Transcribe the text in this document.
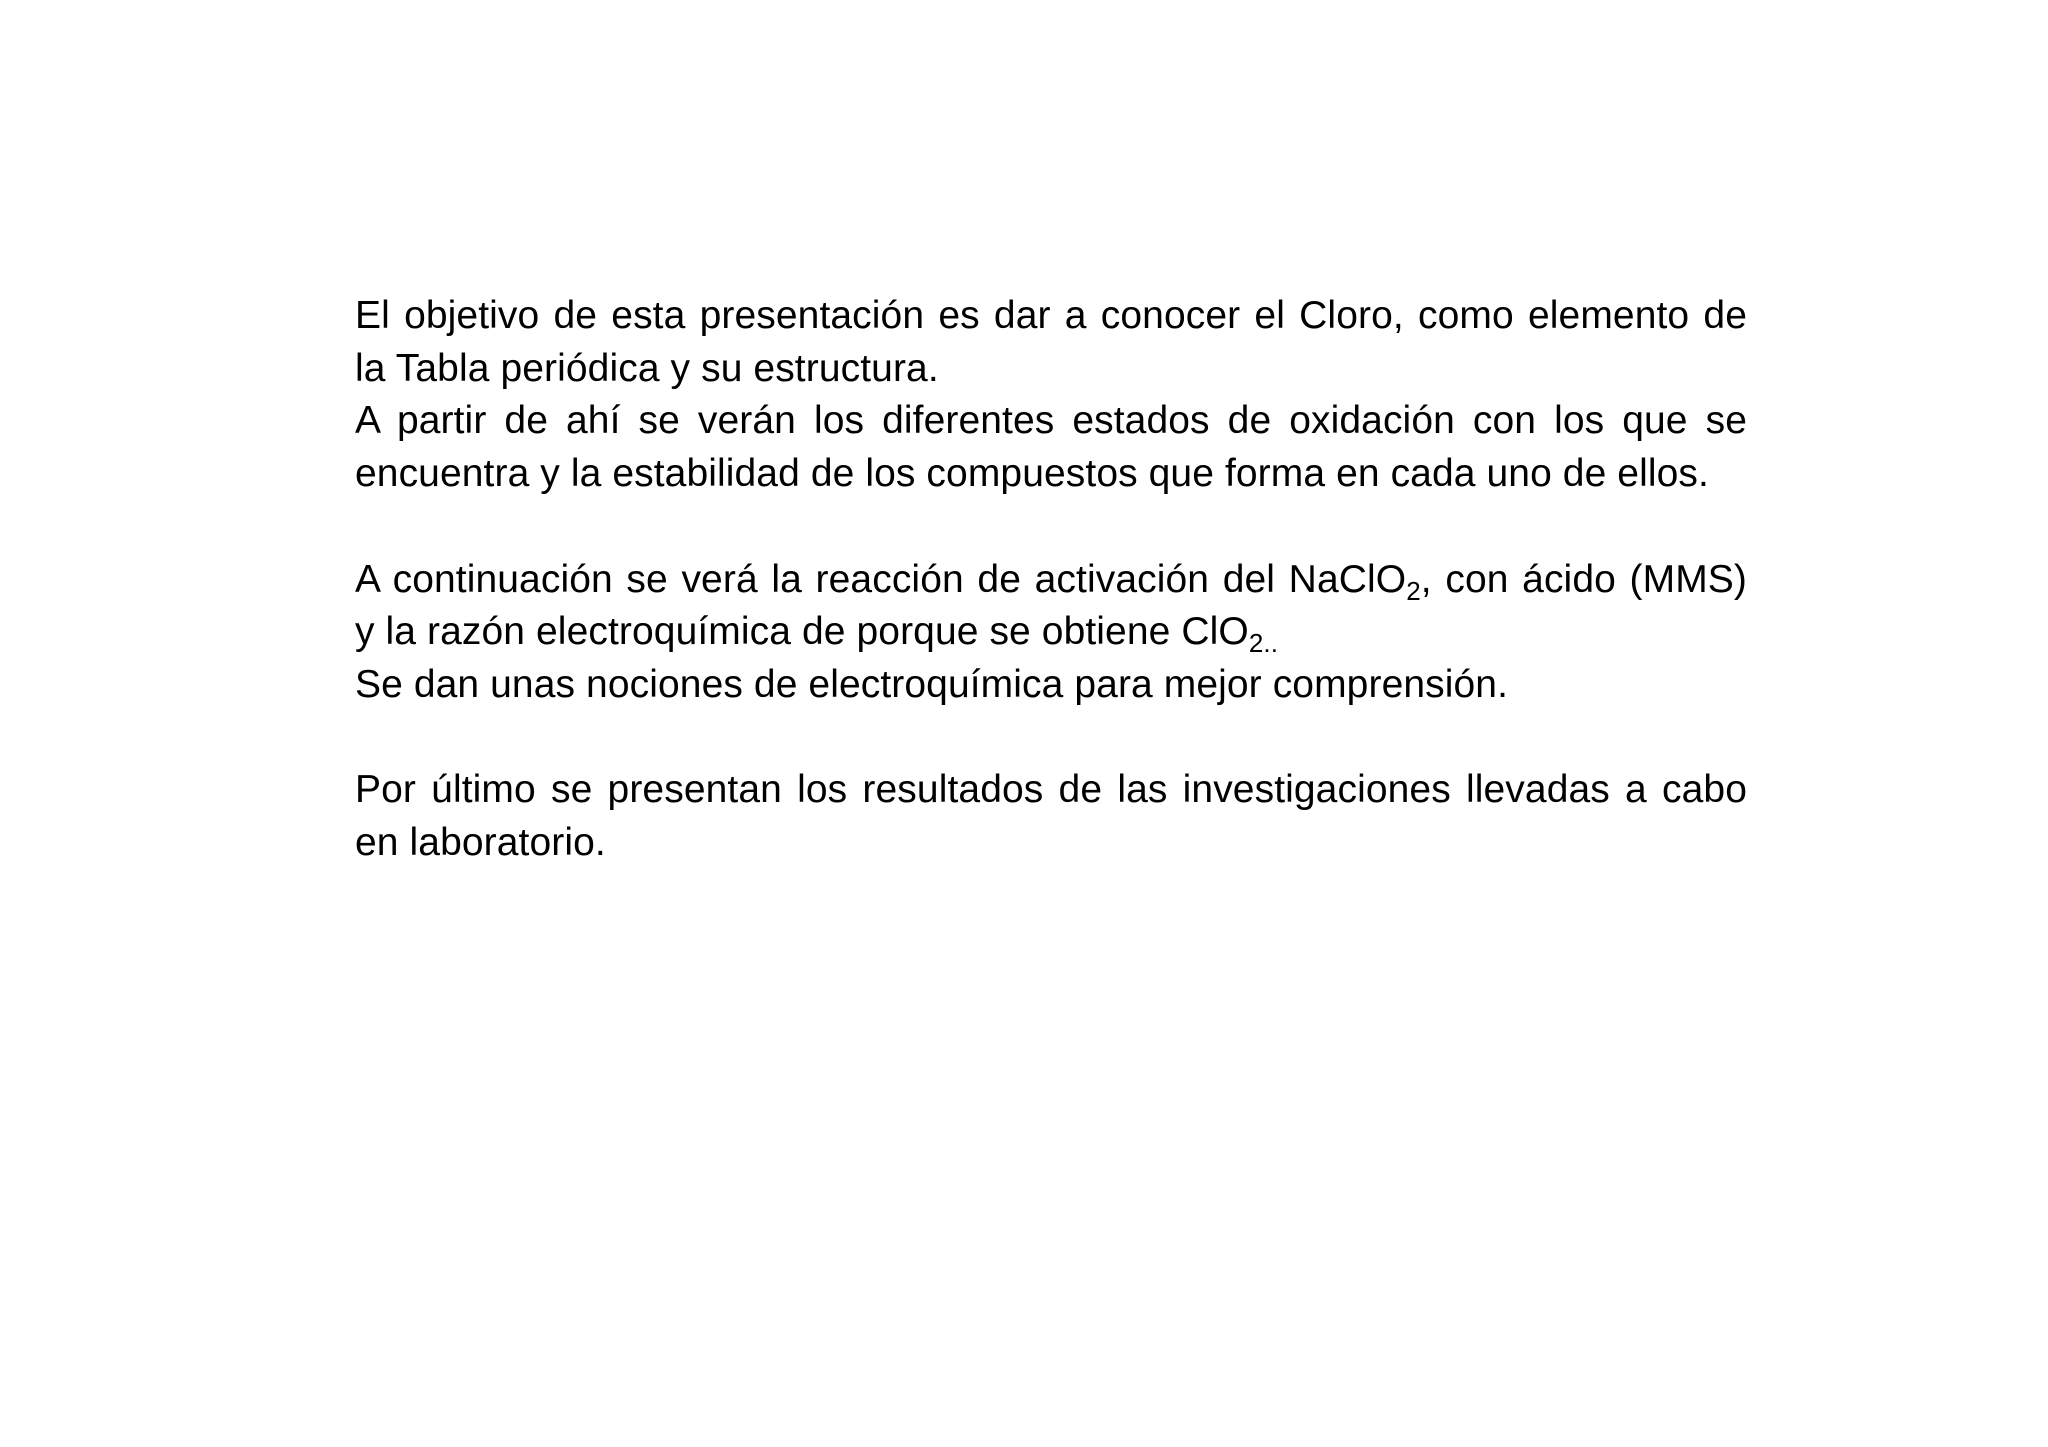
El objetivo de esta presentación es dar a conocer el Cloro, como elemento de
la Tabla periódica y su estructura.
A partir de ahí se verán los diferentes estados de oxidación con los que se
encuentra y la estabilidad de los compuestos que forma en cada uno de ellos.
A continuación se verá la reacción de activación del NaClO$_2$, con ácido (MMS)
y la razón electroquímica de porque se obtiene ClO$_{2..}$
Se dan unas nociones de electroquímica para mejor comprensión.
Por último se presentan los resultados de las investigaciones llevadas a cabo
en laboratorio.
